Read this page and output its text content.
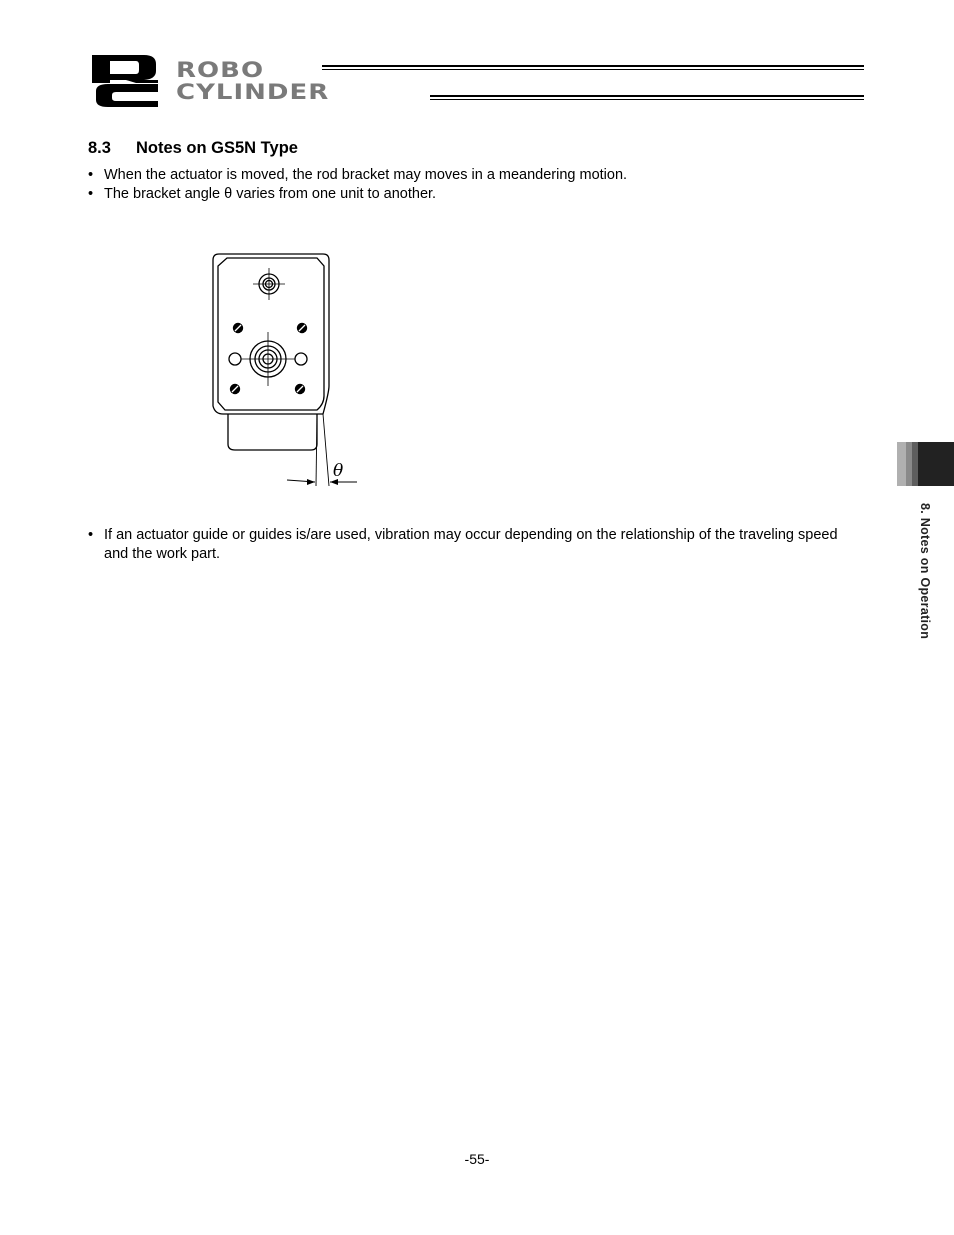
ROBO
CYLINDER
8.3	Notes on GS5N Type
• When the actuator is moved, the rod bracket may moves in a meandering motion.
• The bracket angle θ varies from one unit to another.
θ
• If an actuator guide or guides is/are used, vibration may occur depending on the relationship of the traveling speed and the work part.	8. Notes on Operation
-55-
